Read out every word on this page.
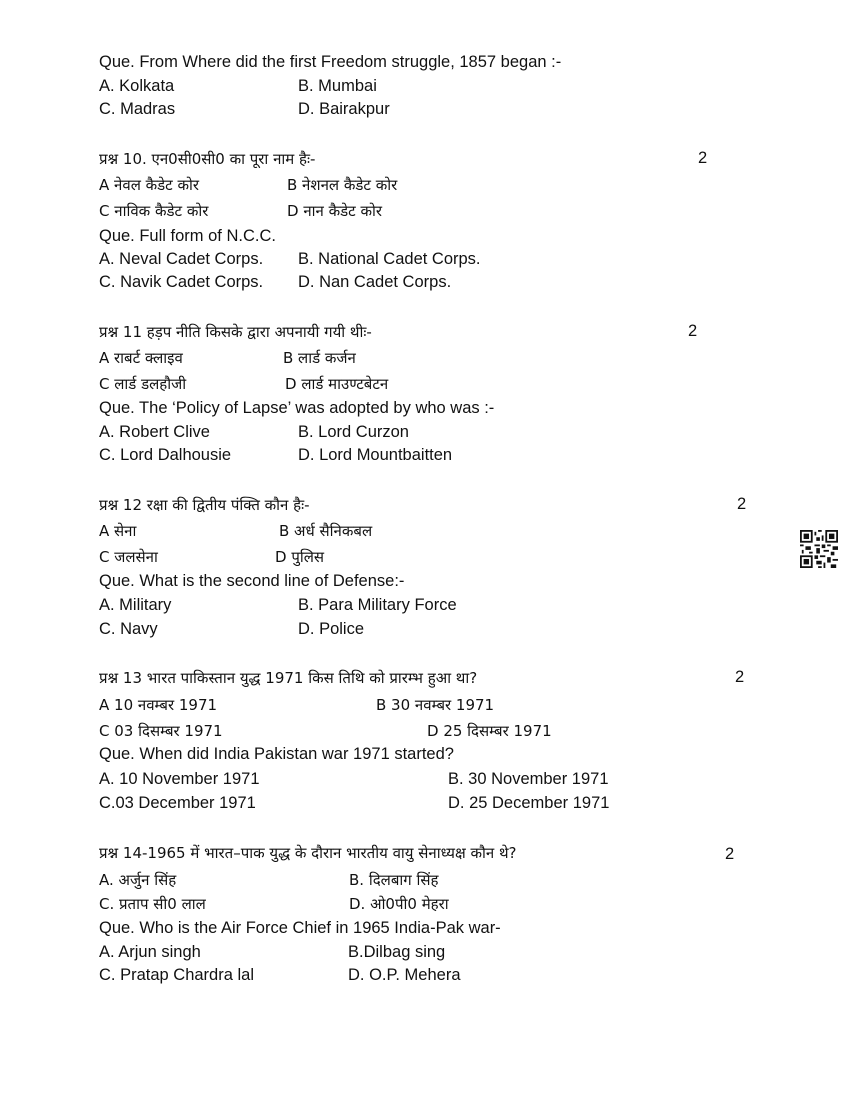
Que. From Where did the first Freedom struggle, 1857 began :-
A. Kolkata	B. Mumbai
C. Madras	D. Bairakpur
प्रश्न 10. एन0सी0सी0 का पूरा नाम हैः-	2
A नेवल कैडेट कोर	B नेशनल कैडेट कोर
C नाविक कैडेट कोर	D नान कैडेट कोर
Que. Full form of N.C.C.
A. Neval Cadet Corps. B. National Cadet Corps.
C. Navik Cadet Corps. D. Nan Cadet Corps.
प्रश्न 11 हड़प नीति किसके द्वारा अपनायी गयी थीः-	2
A राबर्ट क्लाइव	B लार्ड कर्जन
C लार्ड डलहौजी	D लार्ड माउण्टबेटन
Que. The ‘Policy of Lapse’ was adopted by who was :-
A. Robert Clive	B. Lord Curzon
C. Lord Dalhousie	D. Lord Mountbaitten
प्रश्न 12 रक्षा की द्वितीय पंक्ति कौन हैः-	2
A सेना	B अर्ध सैनिकबल
C जलसेना	D पुलिस
Que. What is the second line of Defense:-
A. Military	B. Para Military Force
C. Navy	D. Police
प्रश्न 13 भारत पाकिस्तान युद्ध 1971 किस तिथि को प्रारम्भ हुआ था?	2
A 10 नवम्बर 1971	B 30 नवम्बर 1971
C 03 दिसम्बर 1971	D 25 दिसम्बर 1971
Que. When did India Pakistan war 1971 started?
A. 10 November 1971	B. 30 November 1971
C.03 December 1971	D. 25 December 1971
प्रश्न 14-1965 में भारत–पाक युद्ध के दौरान भारतीय वायु सेनाध्यक्ष कौन थे?	2
A. अर्जुन सिंह	B. दिलबाग सिंह
C. प्रताप सी0 लाल	D. ओ0पी0 मेहरा
Que. Who is the Air Force Chief in 1965 India-Pak war-
A. Arjun singh	B.Dilbag sing
C. Pratap Chardra lal	D. O.P. Mehera
